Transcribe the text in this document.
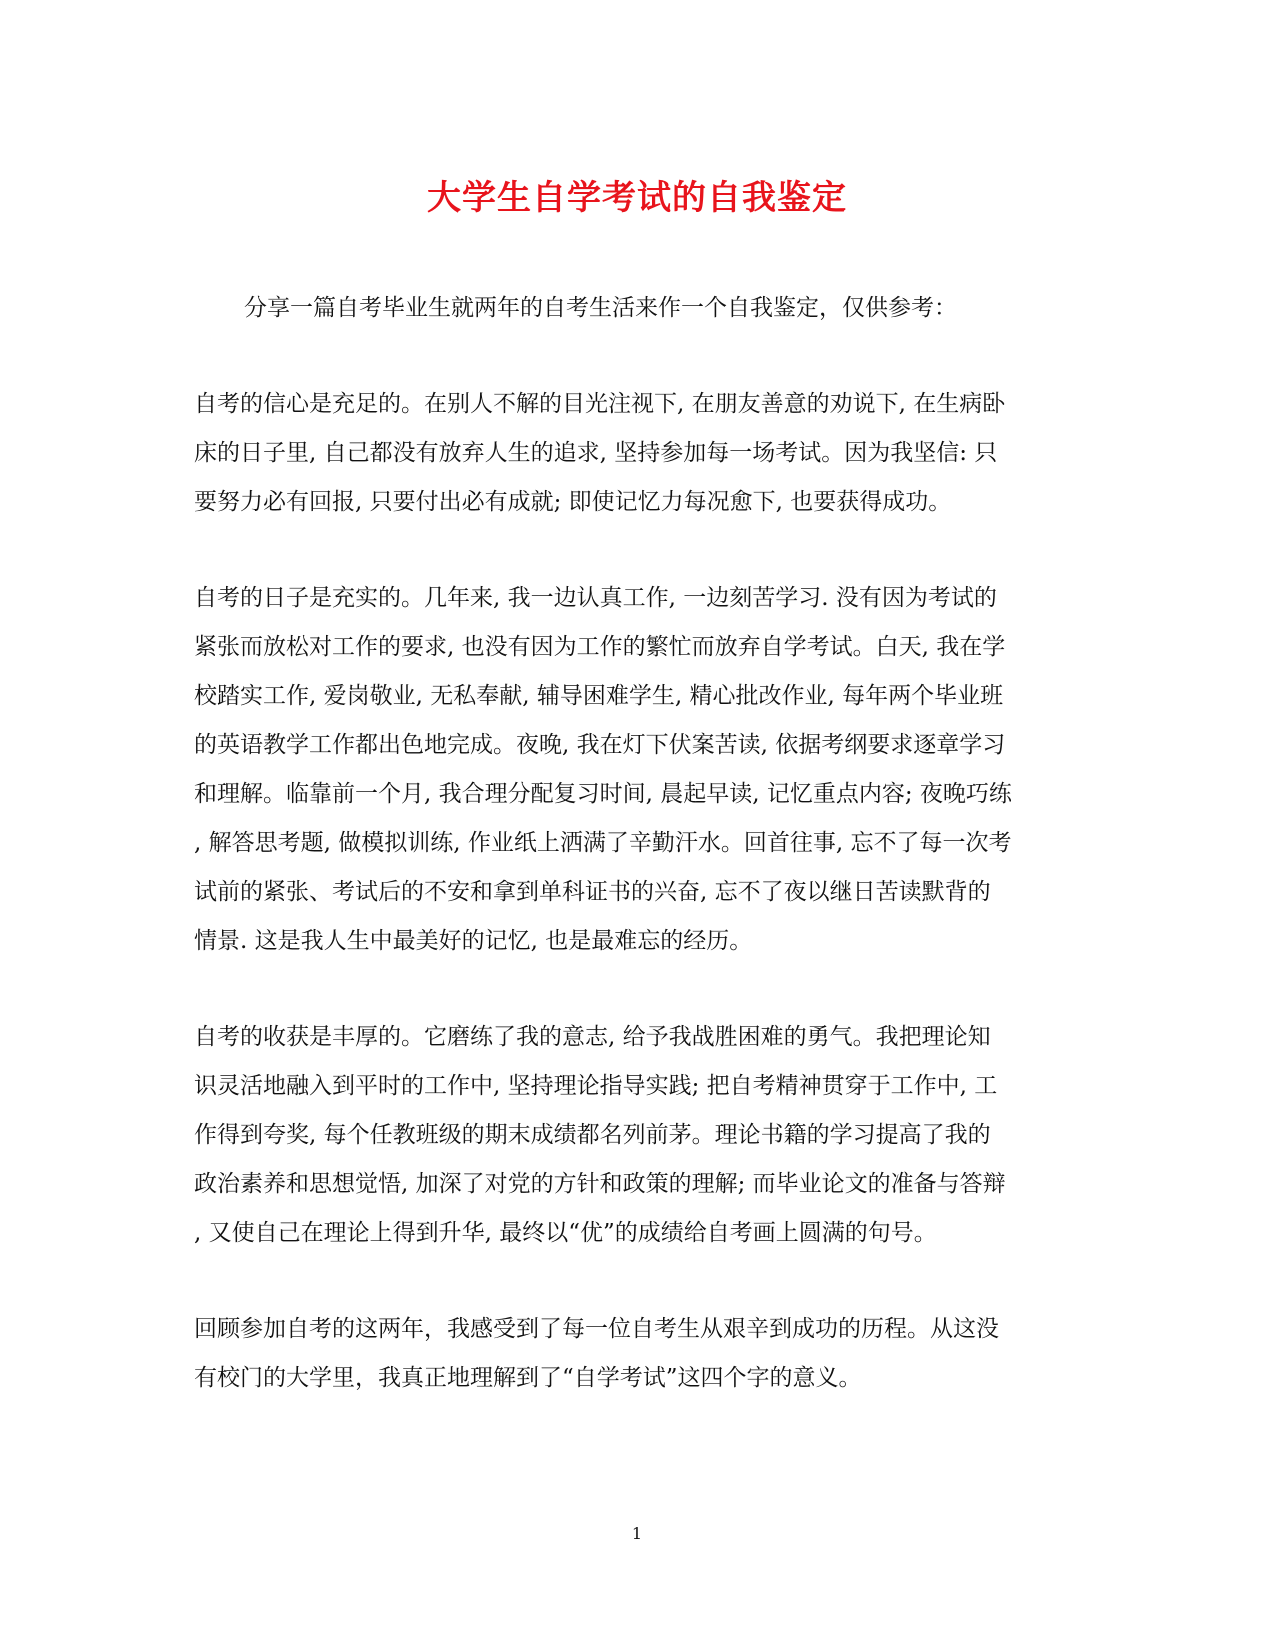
大学生自学考试的自我鉴定
分享一篇自考毕业生就两年的自考生活来作一个自我鉴定，仅供参考：
自考的信心是充足的。在别人不解的目光注视下, 在朋友善意的劝说下, 在生病卧
床的日子里, 自己都没有放弃人生的追求, 坚持参加每一场考试。因为我坚信: 只
要努力必有回报, 只要付出必有成就; 即使记忆力每况愈下, 也要获得成功。
自考的日子是充实的。几年来, 我一边认真工作, 一边刻苦学习. 没有因为考试的
紧张而放松对工作的要求, 也没有因为工作的繁忙而放弃自学考试。白天, 我在学
校踏实工作, 爱岗敬业, 无私奉献, 辅导困难学生, 精心批改作业, 每年两个毕业班
的英语教学工作都出色地完成。夜晚, 我在灯下伏案苦读, 依据考纲要求逐章学习
和理解。临靠前一个月, 我合理分配复习时间, 晨起早读, 记忆重点内容; 夜晚巧练
, 解答思考题, 做模拟训练, 作业纸上洒满了辛勤汗水。回首往事, 忘不了每一次考
试前的紧张、考试后的不安和拿到单科证书的兴奋, 忘不了夜以继日苦读默背的
情景. 这是我人生中最美好的记忆, 也是最难忘的经历。
自考的收获是丰厚的。它磨练了我的意志, 给予我战胜困难的勇气。我把理论知
识灵活地融入到平时的工作中, 坚持理论指导实践; 把自考精神贯穿于工作中, 工
作得到夸奖, 每个任教班级的期末成绩都名列前茅。理论书籍的学习提高了我的
政治素养和思想觉悟, 加深了对党的方针和政策的理解; 而毕业论文的准备与答辩
, 又使自己在理论上得到升华, 最终以“优”的成绩给自考画上圆满的句号。
回顾参加自考的这两年，我感受到了每一位自考生从艰辛到成功的历程。从这没
有校门的大学里，我真正地理解到了“自学考试”这四个字的意义。
1
